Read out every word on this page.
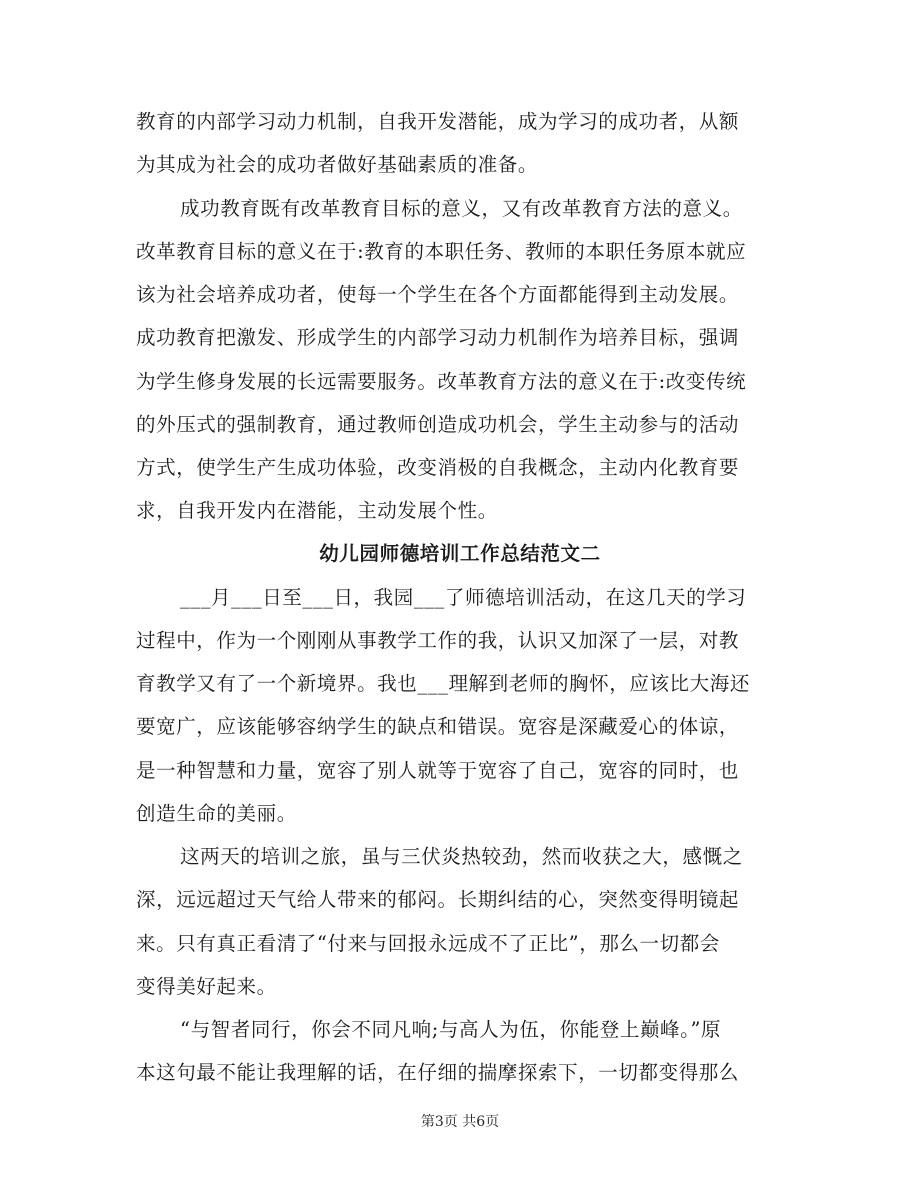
教育的内部学习动力机制，自我开发潜能，成为学习的成功者，从额
为其成为社会的成功者做好基础素质的准备。
成功教育既有改革教育目标的意义，又有改革教育方法的意义。
改革教育目标的意义在于:教育的本职任务、教师的本职任务原本就应
该为社会培养成功者，使每一个学生在各个方面都能得到主动发展。
成功教育把激发、形成学生的内部学习动力机制作为培养目标，强调
为学生修身发展的长远需要服务。改革教育方法的意义在于:改变传统
的外压式的强制教育，通过教师创造成功机会，学生主动参与的活动
方式，使学生产生成功体验，改变消极的自我概念，主动内化教育要
求，自我开发内在潜能，主动发展个性。
幼儿园师德培训工作总结范文二
___月___日至___日，我园___了师德培训活动，在这几天的学习
过程中，作为一个刚刚从事教学工作的我，认识又加深了一层，对教
育教学又有了一个新境界。我也___理解到老师的胸怀，应该比大海还
要宽广，应该能够容纳学生的缺点和错误。宽容是深藏爱心的体谅，
是一种智慧和力量，宽容了别人就等于宽容了自己，宽容的同时，也
创造生命的美丽。
这两天的培训之旅，虽与三伏炎热较劲，然而收获之大，感慨之
深，远远超过天气给人带来的郁闷。长期纠结的心，突然变得明镜起
来。只有真正看清了“付来与回报永远成不了正比”，那么一切都会
变得美好起来。
“与智者同行，你会不同凡响;与高人为伍，你能登上巅峰。”原
本这句最不能让我理解的话，在仔细的揣摩探索下，一切都变得那么
第3页 共6页
